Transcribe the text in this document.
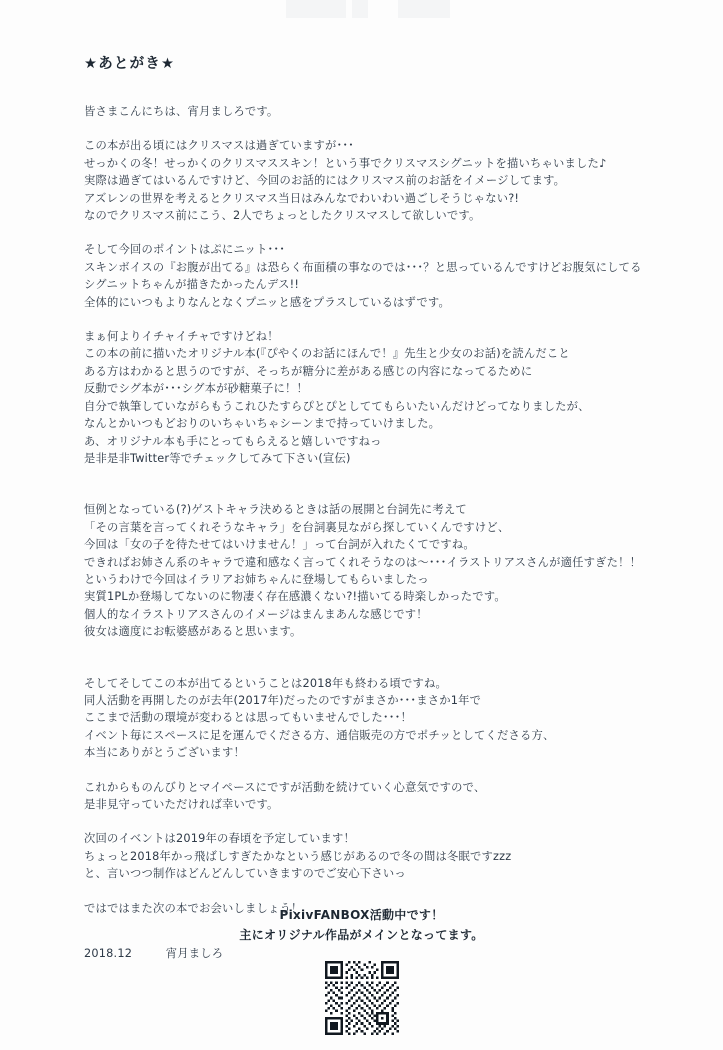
★あとがき★

皆さまこんにちは、宵月ましろです。

この本が出る頃にはクリスマスは過ぎていますが･･･
せっかくの冬！せっかくのクリスマススキン！という事でクリスマスシグニットを描いちゃいました♪
実際は過ぎてはいるんですけど、今回のお話的にはクリスマス前のお話をイメージしてます。
アズレンの世界を考えるとクリスマス当日はみんなでわいわい過ごしそうじゃない?!
なのでクリスマス前にこう、2人でちょっとしたクリスマスして欲しいです。

そして今回のポイントはぷにニット･･･
スキンボイスの『お腹が出てる』は恐らく布面積の事なのでは･･･？と思っているんですけどお腹気にしてる
シグニットちゃんが描きたかったんデス!!
全体的にいつもよりなんとなくプニッと感をプラスしているはずです。

まぁ何よりイチャイチャですけどね！
この本の前に描いたオリジナル本(『ぴやくのお話にほんで！』先生と少女のお話)を読んだこと
ある方はわかると思うのですが、そっちが糖分に差がある感じの内容になってるために
反動でシグ本が･･･シグ本が砂糖菓子に！！
自分で執筆していながらもうこれひたすらぴとぴとしててもらいたいんだけどってなりましたが、
なんとかいつもどおりのいちゃいちゃシーンまで持っていけました。
あ、オリジナル本も手にとってもらえると嬉しいですねっ
是非是非Twitter等でチェックしてみて下さい(宣伝)

恒例となっている(?)ゲストキャラ決めるときは話の展開と台詞先に考えて
「その言葉を言ってくれそうなキャラ」を台詞裏見ながら探していくんですけど、
今回は「女の子を待たせてはいけません！」って台詞が入れたくてですね。
できればお姉さん系のキャラで違和感なく言ってくれそうなのは～･･･イラストリアスさんが適任すぎた！！
というわけで今回はイラリアお姉ちゃんに登場してもらいましたっ
実質1PLか登場してないのに物凄く存在感濃くない?!描いてる時楽しかったです。
個人的なイラストリアスさんのイメージはまんまあんな感じです！
彼女は適度にお転婆感があると思います。

そしてそしてこの本が出てるということは2018年も終わる頃ですね。
同人活動を再開したのが去年(2017年)だったのですがまさか･･･まさか1年で
ここまで活動の環境が変わるとは思ってもいませんでした･･･！
イベント毎にスペースに足を運んでくださる方、通信販売の方でポチッとしてくださる方、
本当にありがとうございます！

これからものんびりとマイペースにですが活動を続けていく心意気ですので、
是非見守っていただければ幸いです。

次回のイベントは2019年の春頃を予定しています！
ちょっと2018年かっ飛ばしすぎたかなという感じがあるので冬の間は冬眠ですzzz
と、言いつつ制作はどんどんしていきますのでご安心下さいっ

ではではまた次の本でお会いしましょう！

2018.12	宵月ましろ
PixivFANBOX活動中です！
主にオリジナル作品がメインとなってます。
